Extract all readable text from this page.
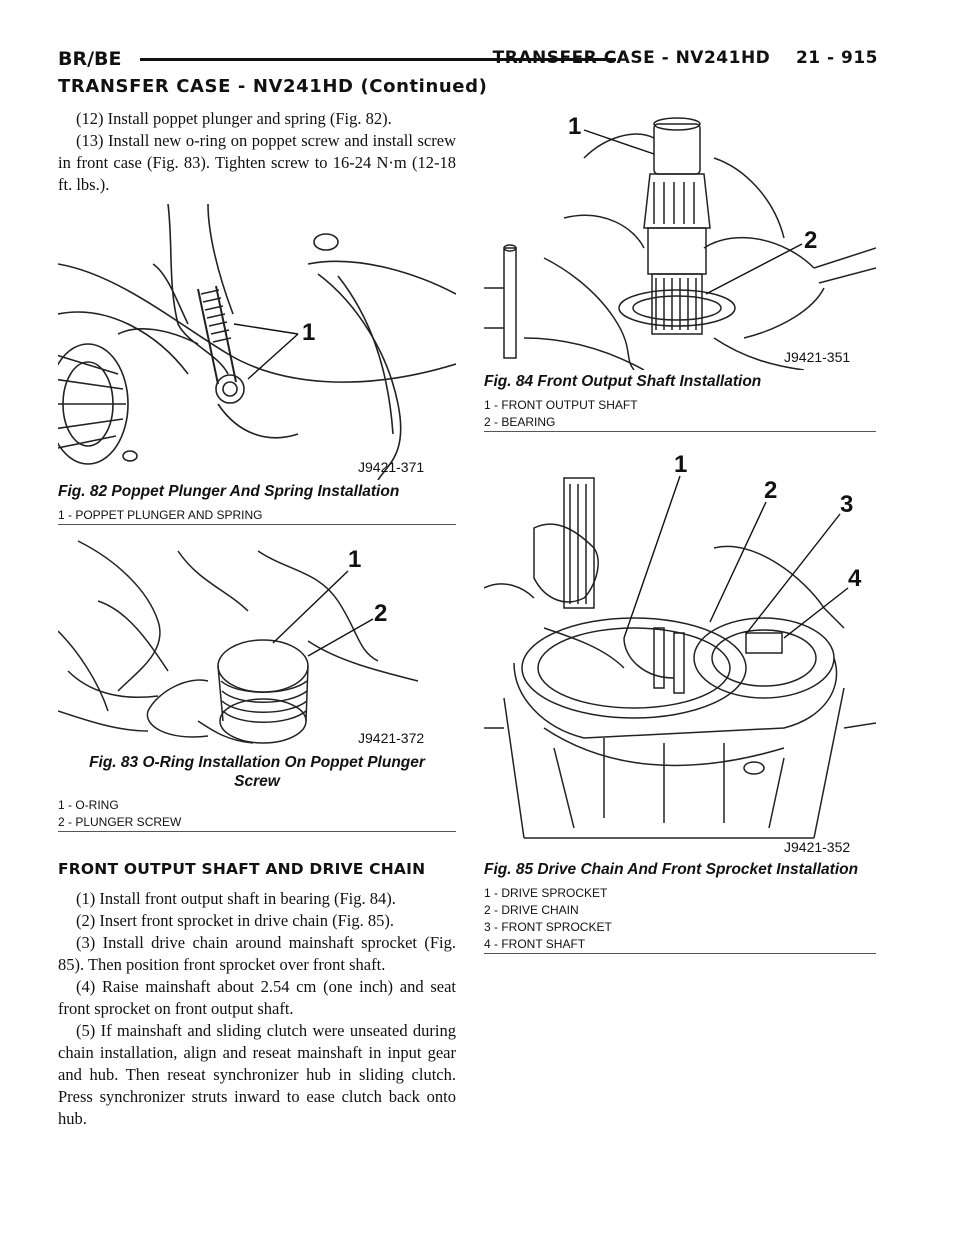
BR/BE	TRANSFER CASE - NV241HD    21 - 915
TRANSFER CASE - NV241HD (Continued)

(12) Install poppet plunger and spring (Fig. 82).

(13) Install new o-ring on poppet screw and install screw in front case (Fig. 83). Tighten screw to 16-24 N·m (12-18 ft. lbs.).

1
J9421-371
Fig. 82 Poppet Plunger And Spring Installation
1 - POPPET PLUNGER AND SPRING
1
2
J9421-372
Fig. 83 O-Ring Installation On Poppet Plunger
Screw
1 - O-RING
2 - PLUNGER SCREW
FRONT OUTPUT SHAFT AND DRIVE CHAIN

(1) Install front output shaft in bearing (Fig. 84).

(2) Insert front sprocket in drive chain (Fig. 85).

(3) Install drive chain around mainshaft sprocket (Fig. 85). Then position front sprocket over front shaft.

(4) Raise mainshaft about 2.54 cm (one inch) and seat front sprocket on front output shaft.

(5) If mainshaft and sliding clutch were unseated during chain installation, align and reseat mainshaft in input gear and hub. Then reseat synchronizer hub in sliding clutch. Press synchronizer struts inward to ease clutch back onto hub.

1
2
J9421-351
Fig. 84 Front Output Shaft Installation
1 - FRONT OUTPUT SHAFT
2 - BEARING
1
2
3
4
J9421-352
Fig. 85 Drive Chain And Front Sprocket Installation
1 - DRIVE SPROCKET
2 - DRIVE CHAIN
3 - FRONT SPROCKET
4 - FRONT SHAFT
